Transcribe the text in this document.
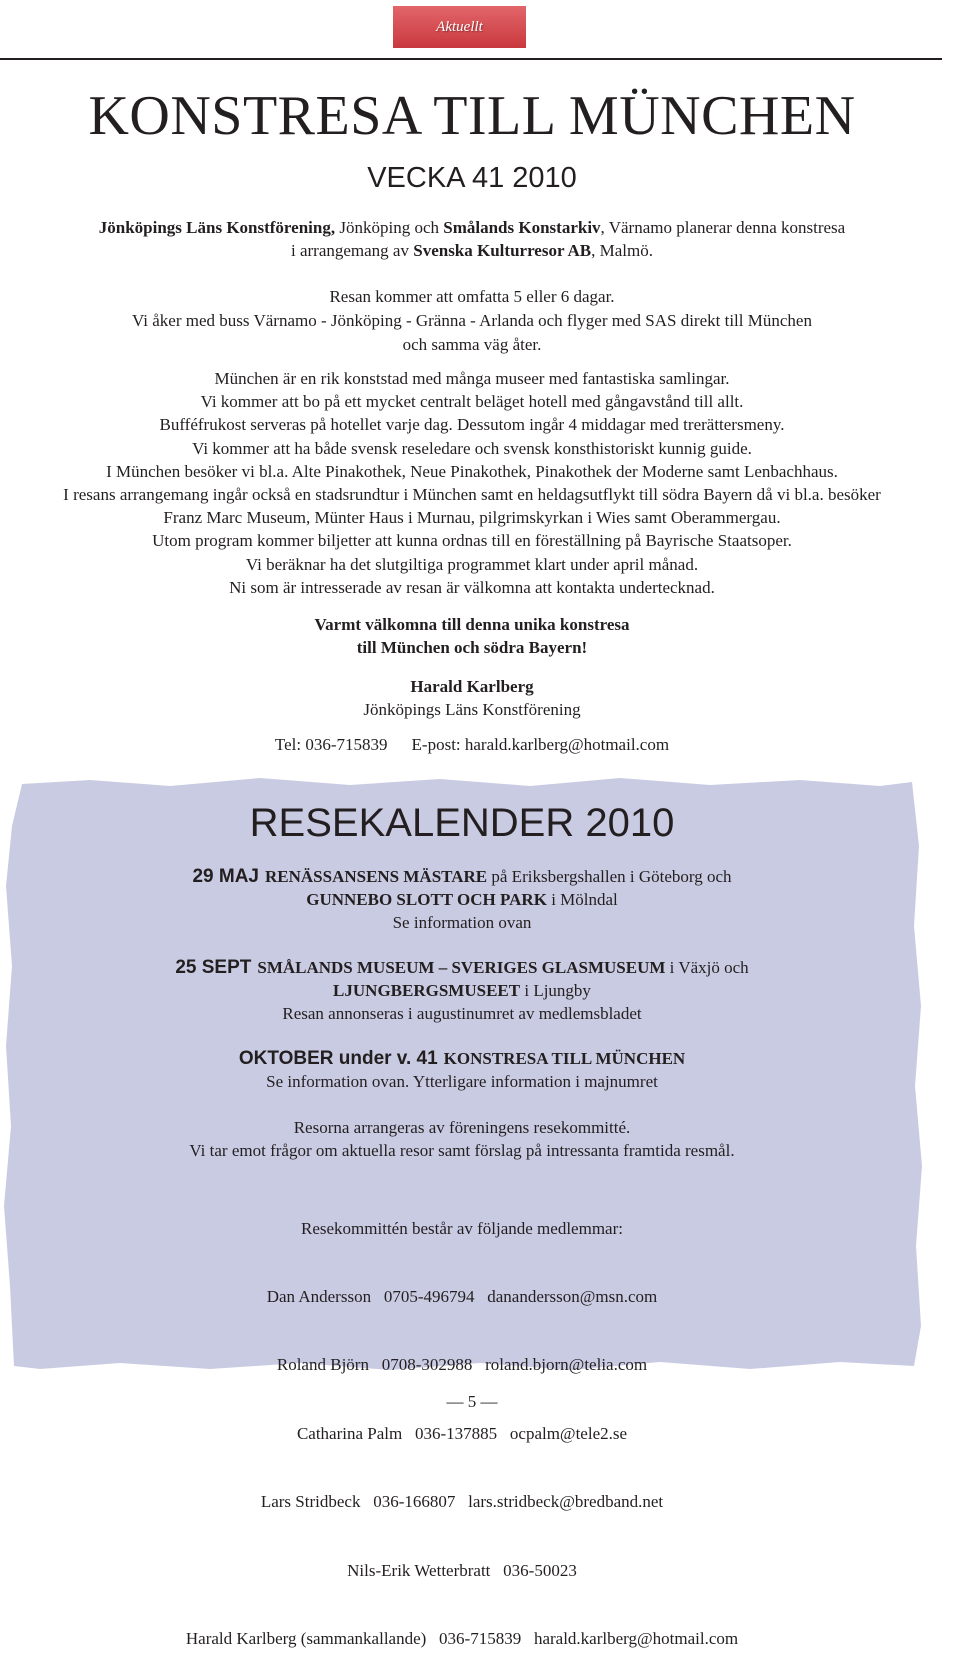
Aktuellt
KONSTRESA TILL MÜNCHEN
VECKA 41 2010
Jönköpings Läns Konstförening, Jönköping och Smålands Konstarkiv, Värnamo planerar denna konstresa
i arrangemang av Svenska Kulturresor AB, Malmö.
Resan kommer att omfatta 5 eller 6 dagar.
Vi åker med buss Värnamo - Jönköping - Gränna - Arlanda och flyger med SAS direkt till München
och samma väg åter.
München är en rik konststad med många museer med fantastiska samlingar.
Vi kommer att bo på ett mycket centralt beläget hotell med gångavstånd till allt.
Bufféfrukost serveras på hotellet varje dag. Dessutom ingår 4 middagar med trerättersmeny.
Vi kommer att ha både svensk reseledare och svensk konsthistoriskt kunnig guide.
I München besöker vi bl.a. Alte Pinakothek, Neue Pinakothek, Pinakothek der Moderne samt Lenbachhaus.
I resans arrangemang ingår också en stadsrundtur i München samt en heldagsutflykt till södra Bayern då vi bl.a. besöker
Franz Marc Museum, Münter Haus i Murnau, pilgrimskyrkan i Wies samt Oberammergau.
Utom program kommer biljetter att kunna ordnas till en föreställning på Bayrische Staatsoper.
Vi beräknar ha det slutgiltiga programmet klart under april månad.
Ni som är intresserade av resan är välkomna att kontakta undertecknad.
Varmt välkomna till denna unika konstresa
till München och södra Bayern!
Harald Karlberg
Jönköpings Läns Konstförening
Tel: 036-715839 E-post: harald.karlberg@hotmail.com
RESEKALENDER 2010
29 MAJ RENÄSSANSENS MÄSTARE på Eriksbergshallen i Göteborg och
GUNNEBO SLOTT OCH PARK i Mölndal
Se information ovan
25 SEPT SMÅLANDS MUSEUM – SVERIGES GLASMUSEUM i Växjö och
LJUNGBERGSMUSEET i Ljungby
Resan annonseras i augustinumret av medlemsbladet
OKTOBER under v. 41 KONSTRESA TILL MÜNCHEN
Se information ovan. Ytterligare information i majnumret
Resorna arrangeras av föreningens resekommitté.
Vi tar emot frågor om aktuella resor samt förslag på intressanta framtida resmål.

Resekommittén består av följande medlemmar:

Dan Andersson   0705-496794   danandersson@msn.com

Roland Björn   0708-302988   roland.bjorn@telia.com

Catharina Palm   036-137885   ocpalm@tele2.se

Lars Stridbeck   036-166807   lars.stridbeck@bredband.net

Nils-Erik Wetterbratt   036-50023

Harald Karlberg (sammankallande)   036-715839   harald.karlberg@hotmail.com

— 5 —
